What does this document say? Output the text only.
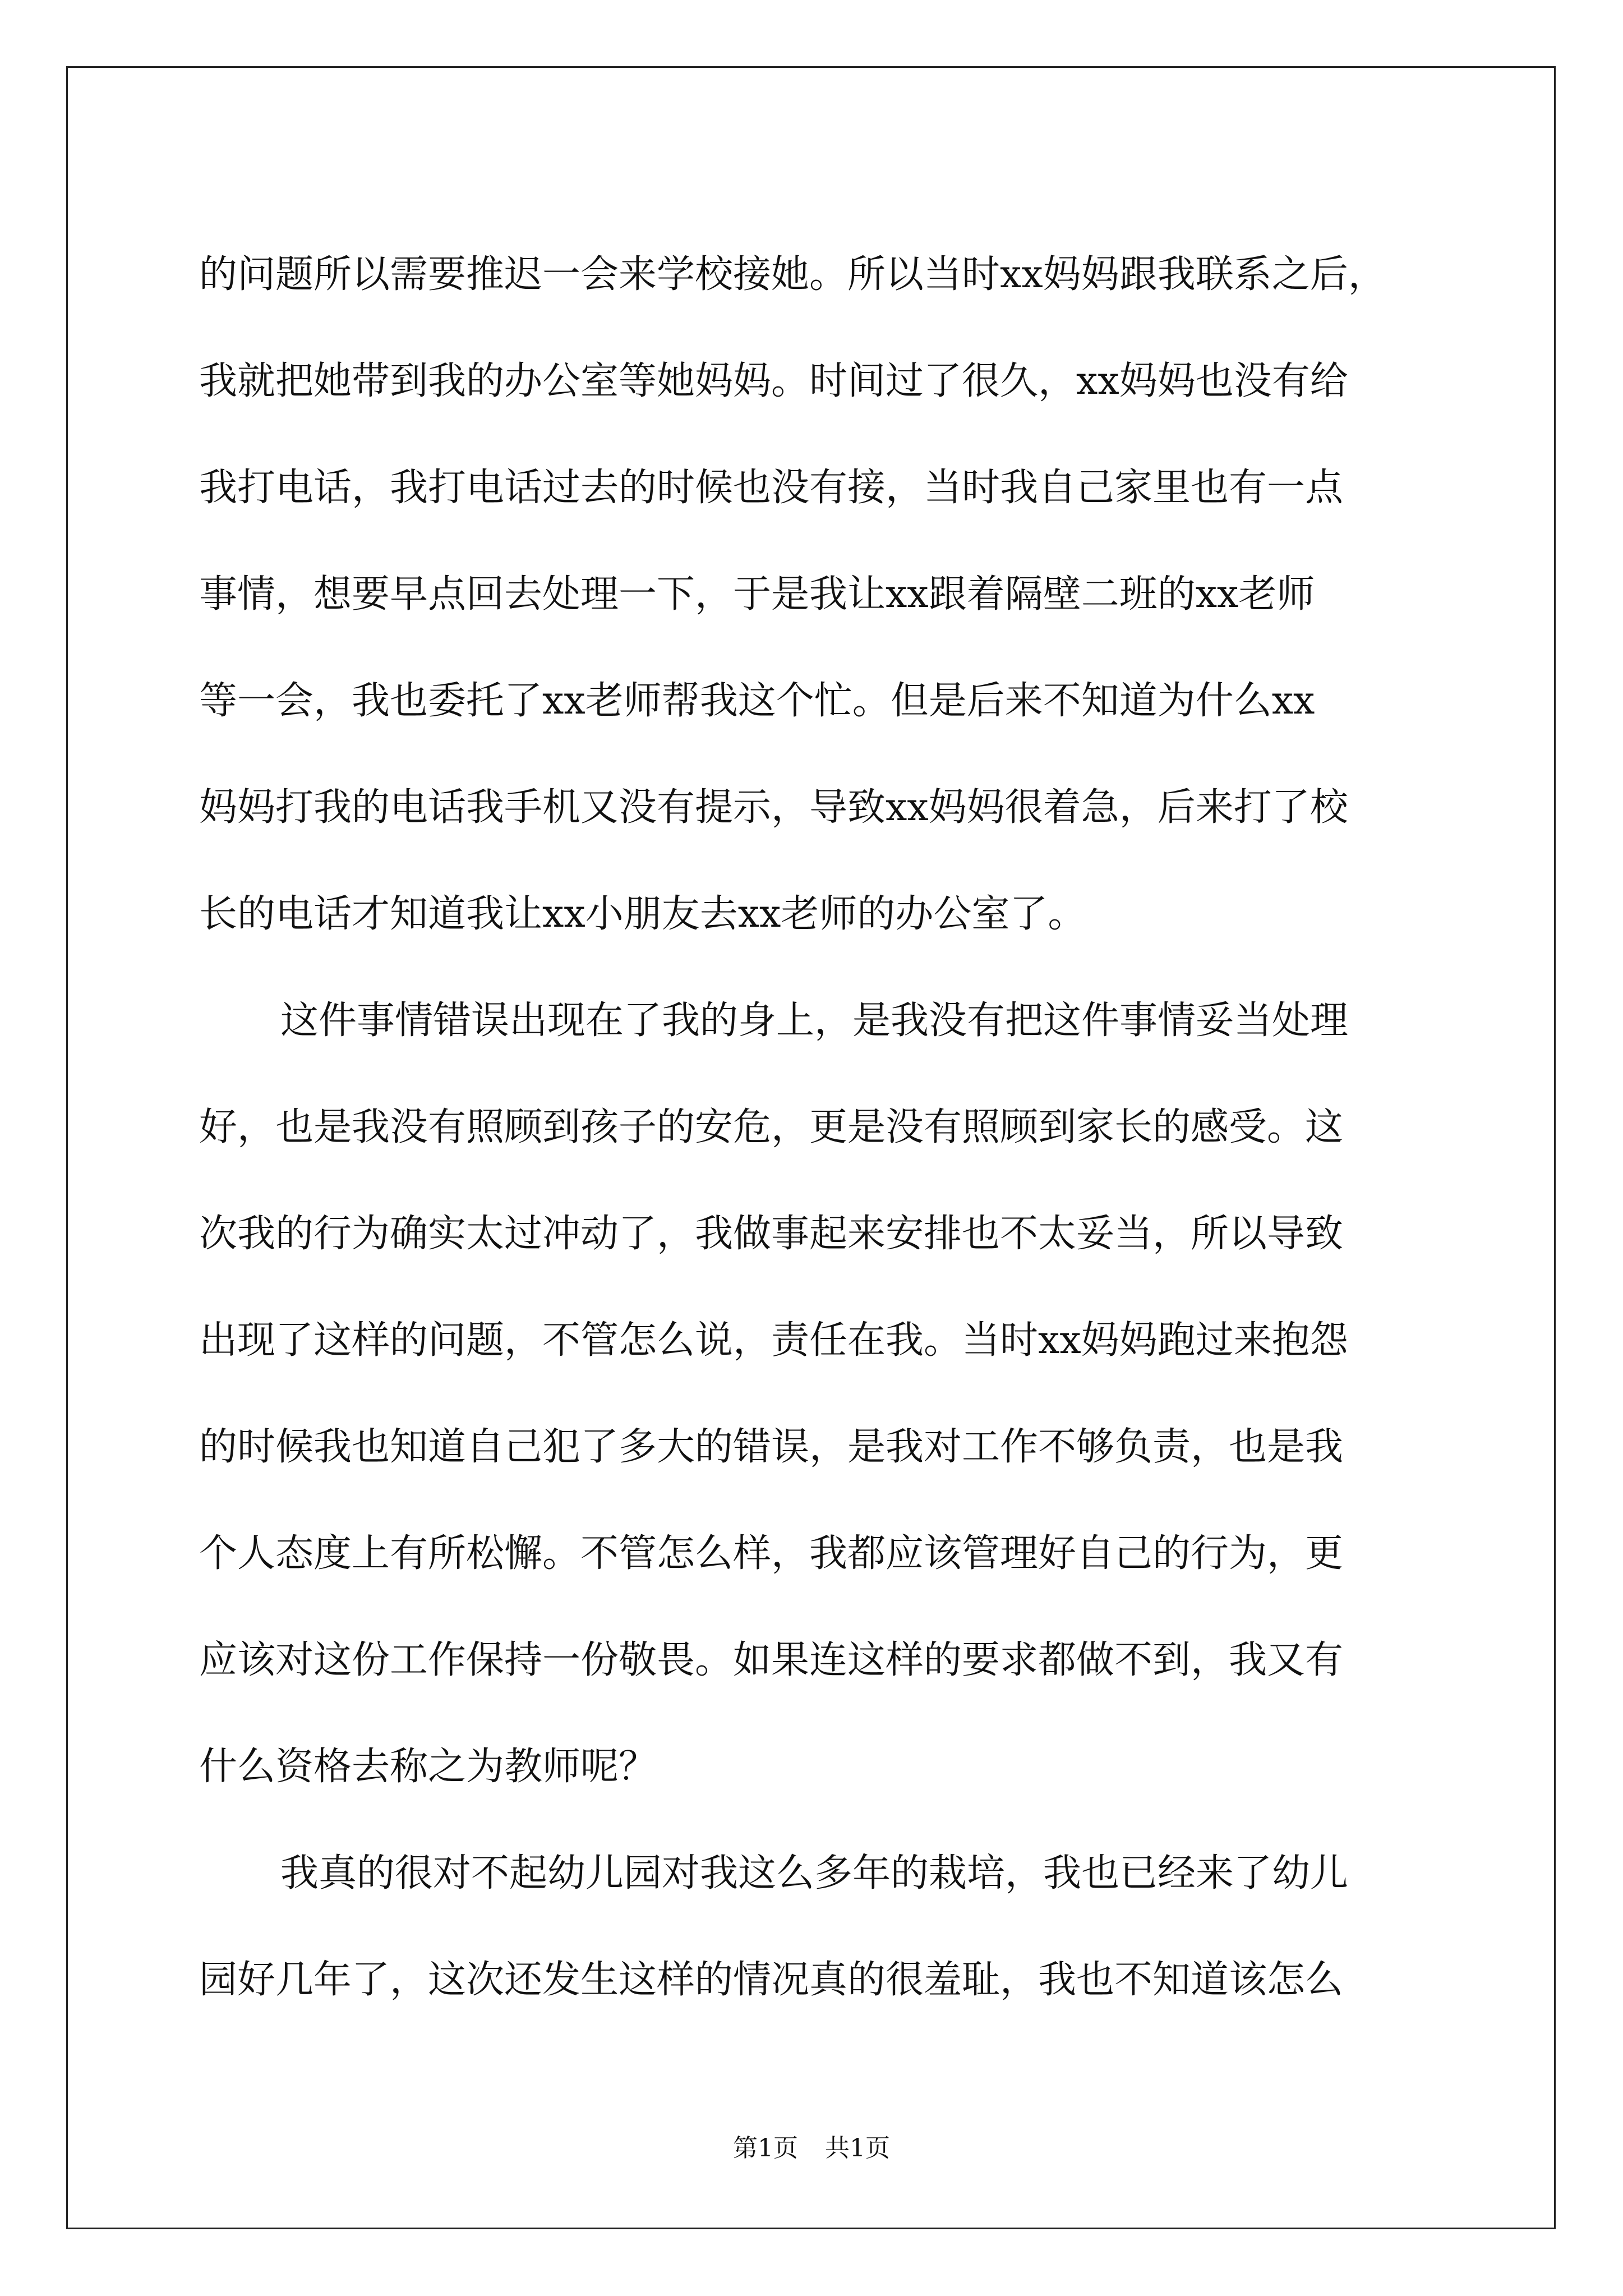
的问题所以需要推迟一会来学校接她。所以当时xx妈妈跟我联系之后，
我就把她带到我的办公室等她妈妈。时间过了很久，xx妈妈也没有给
我打电话，我打电话过去的时候也没有接，当时我自己家里也有一点
事情，想要早点回去处理一下，于是我让xx跟着隔壁二班的xx老师
等一会，我也委托了xx老师帮我这个忙。但是后来不知道为什么xx
妈妈打我的电话我手机又没有提示，导致xx妈妈很着急，后来打了校
长的电话才知道我让xx小朋友去xx老师的办公室了。
这件事情错误出现在了我的身上，是我没有把这件事情妥当处理
好，也是我没有照顾到孩子的安危，更是没有照顾到家长的感受。这
次我的行为确实太过冲动了，我做事起来安排也不太妥当，所以导致
出现了这样的问题，不管怎么说，责任在我。当时xx妈妈跑过来抱怨
的时候我也知道自己犯了多大的错误，是我对工作不够负责，也是我
个人态度上有所松懈。不管怎么样，我都应该管理好自己的行为，更
应该对这份工作保持一份敬畏。如果连这样的要求都做不到，我又有
什么资格去称之为教师呢？
我真的很对不起幼儿园对我这么多年的栽培，我也已经来了幼儿
园好几年了，这次还发生这样的情况真的很羞耻，我也不知道该怎么
第1页 共1页
